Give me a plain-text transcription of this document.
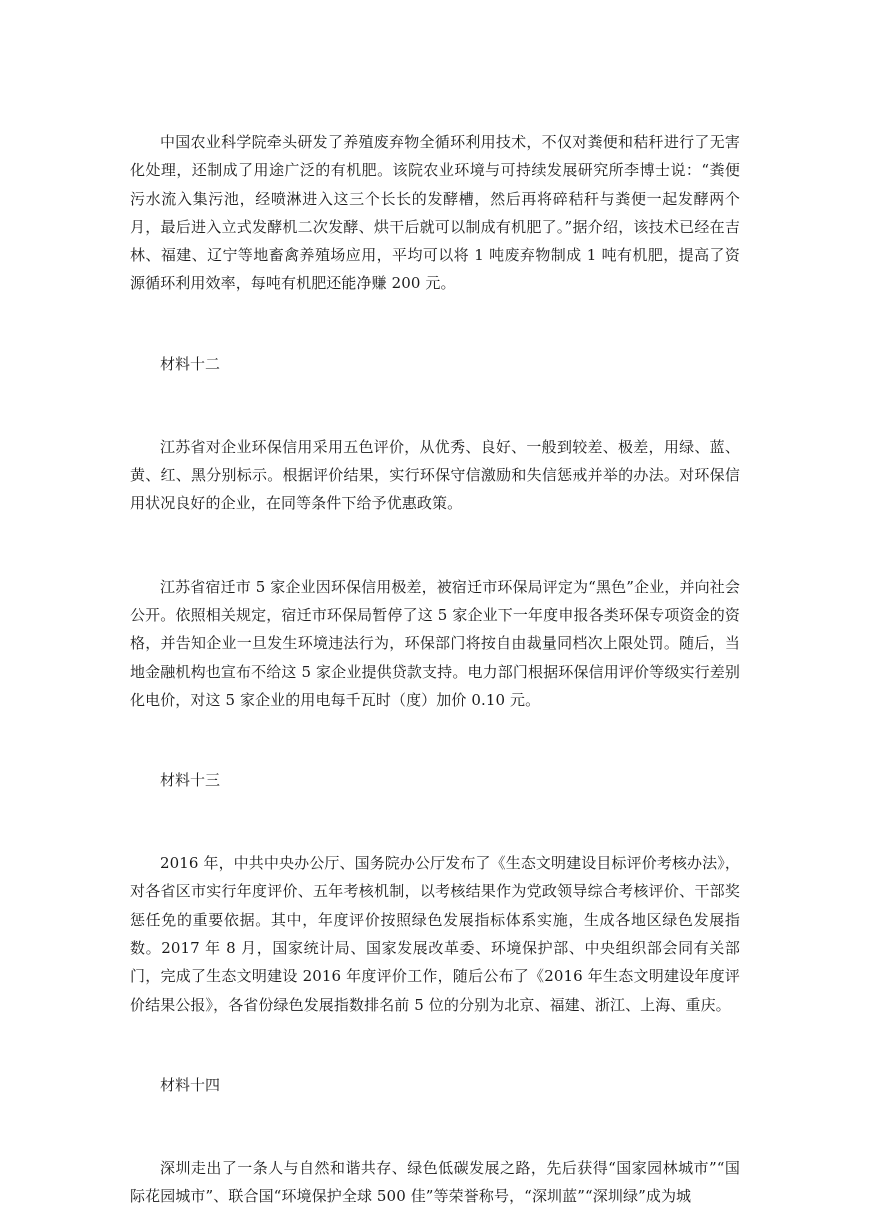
中国农业科学院牵头研发了养殖废弃物全循环利用技术，不仅对粪便和秸秆进行了无害化处理，还制成了用途广泛的有机肥。该院农业环境与可持续发展研究所李博士说：“粪便污水流入集污池，经喷淋进入这三个长长的发酵槽，然后再将碎秸秆与粪便一起发酵两个月，最后进入立式发酵机二次发酵、烘干后就可以制成有机肥了。”据介绍，该技术已经在吉林、福建、辽宁等地畜禽养殖场应用，平均可以将 1 吨废弃物制成 1 吨有机肥，提高了资源循环利用效率，每吨有机肥还能净赚 200 元。

材料十二

江苏省对企业环保信用采用五色评价，从优秀、良好、一般到较差、极差，用绿、蓝、黄、红、黑分别标示。根据评价结果，实行环保守信激励和失信惩戒并举的办法。对环保信用状况良好的企业，在同等条件下给予优惠政策。

江苏省宿迁市 5 家企业因环保信用极差，被宿迁市环保局评定为“黑色”企业，并向社会公开。依照相关规定，宿迁市环保局暂停了这 5 家企业下一年度申报各类环保专项资金的资格，并告知企业一旦发生环境违法行为，环保部门将按自由裁量同档次上限处罚。随后，当地金融机构也宣布不给这 5 家企业提供贷款支持。电力部门根据环保信用评价等级实行差别化电价，对这 5 家企业的用电每千瓦时（度）加价 0.10 元。

材料十三

2016 年，中共中央办公厅、国务院办公厅发布了《生态文明建设目标评价考核办法》，对各省区市实行年度评价、五年考核机制，以考核结果作为党政领导综合考核评价、干部奖惩任免的重要依据。其中，年度评价按照绿色发展指标体系实施，生成各地区绿色发展指数。2017 年 8 月，国家统计局、国家发展改革委、环境保护部、中央组织部会同有关部门，完成了生态文明建设 2016 年度评价工作，随后公布了《2016 年生态文明建设年度评价结果公报》，各省份绿色发展指数排名前 5 位的分别为北京、福建、浙江、上海、重庆。

材料十四

深圳走出了一条人与自然和谐共存、绿色低碳发展之路，先后获得“国家园林城市”“国际花园城市”、联合国“环境保护全球 500 佳”等荣誉称号，“深圳蓝”“深圳绿”成为城
